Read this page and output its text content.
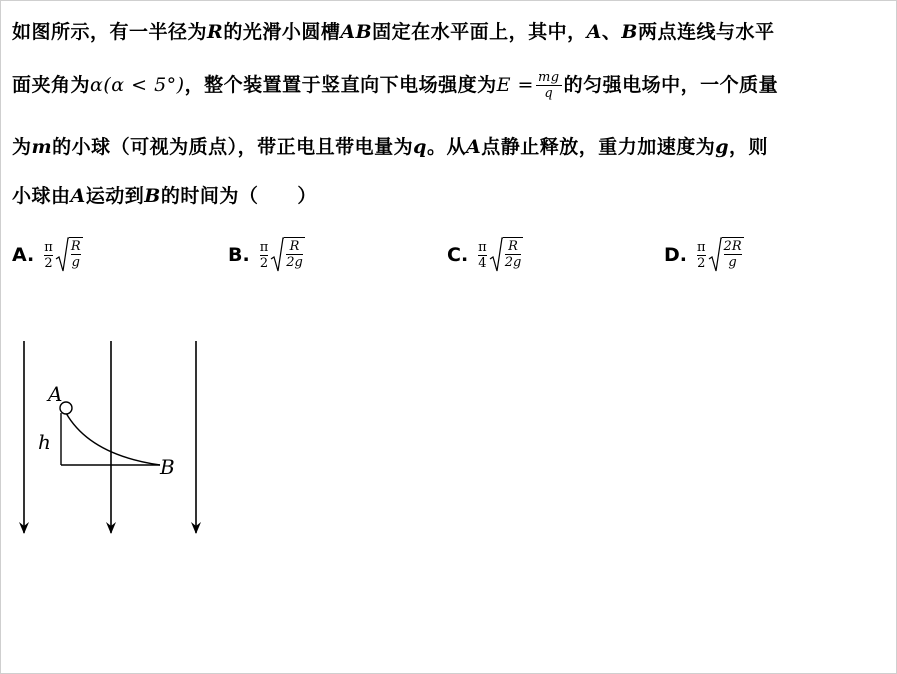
如图所示，有一半径为R的光滑小圆槽AB固定在水平面上，其中，A、B两点连线与水平
面夹角为α(α < 5°)，整个装置置于竖直向下电场强度为$E = \frac{mg}{q}$ 的匀强电场中，一个质量
为m的小球（可视为质点），带正电且带电量为q。从A点静止释放，重力加速度为g，则
小球由A运动到B的时间为（　　）
A. π
$2 \frac{R}{g}$	B. π
$2 \frac{R}{2g}$	C. π
$4 \frac{R}{2g}$	D. π
$2 \frac{2R}{g}$
A
h
B
